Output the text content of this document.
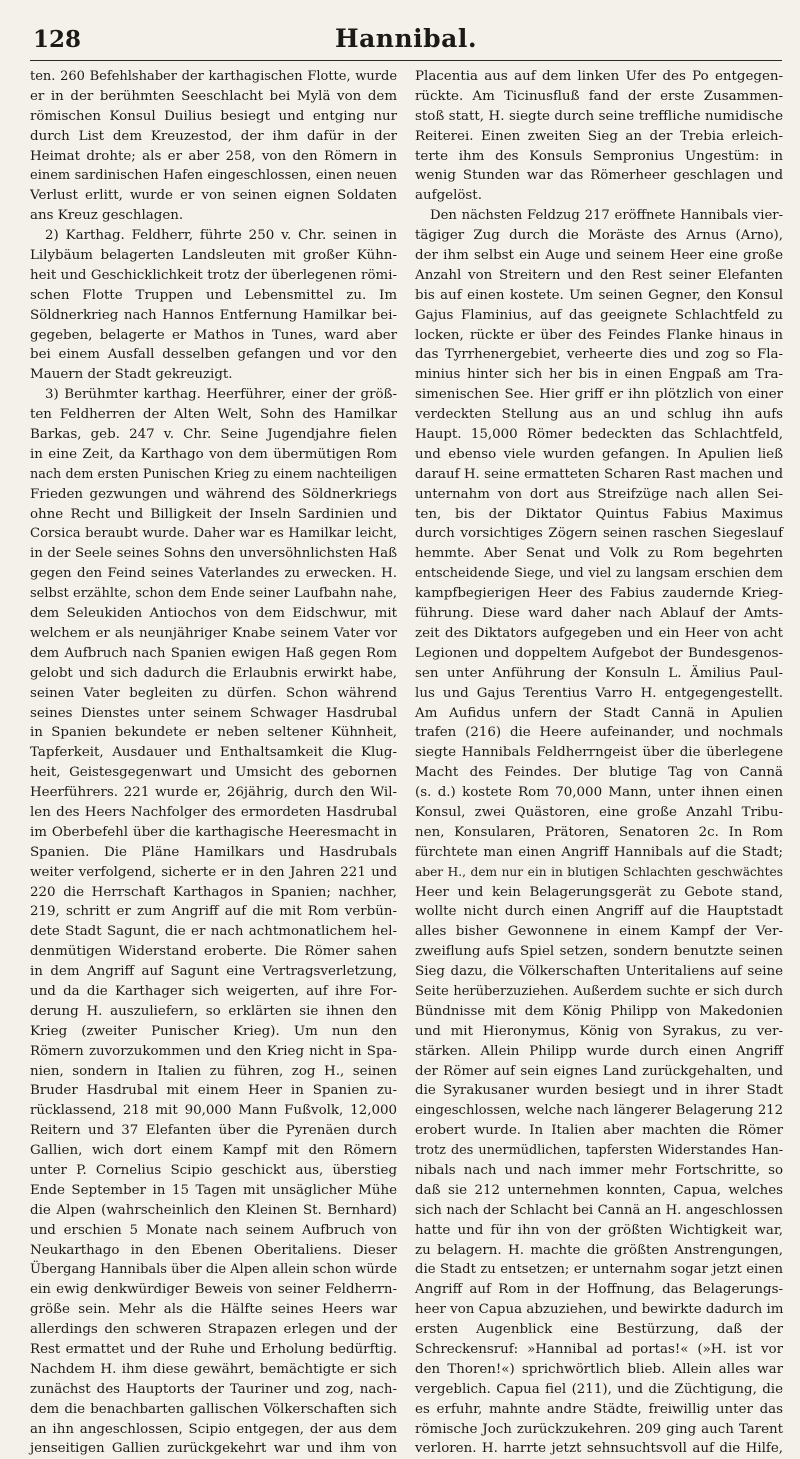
128	Hannibal.
ten. 260 Befehlshaber der karthagischen Flotte, wurde
er in der berühmten Seeschlacht bei Mylä von dem
römischen Konsul Duilius besiegt und entging nur
durch List dem Kreuzestod, der ihm dafür in der
Heimat drohte; als er aber 258, von den Römern in
einem sardinischen Hafen eingeschlossen, einen neuen
Verlust erlitt, wurde er von seinen eignen Soldaten
ans Kreuz geschlagen.
2) Karthag. Feldherr, führte 250 v. Chr. seinen in
Lilybäum belagerten Landsleuten mit großer Kühn-
heit und Geschicklichkeit trotz der überlegenen römi-
schen Flotte Truppen und Lebensmittel zu. Im
Söldnerkrieg nach Hannos Entfernung Hamilkar bei-
gegeben, belagerte er Mathos in Tunes, ward aber
bei einem Ausfall desselben gefangen und vor den
Mauern der Stadt gekreuzigt.
3) Berühmter karthag. Heerführer, einer der größ-
ten Feldherren der Alten Welt, Sohn des Hamilkar
Barkas, geb. 247 v. Chr. Seine Jugendjahre fielen
in eine Zeit, da Karthago von dem übermütigen Rom
nach dem ersten Punischen Krieg zu einem nachteiligen
Frieden gezwungen und während des Söldnerkriegs
ohne Recht und Billigkeit der Inseln Sardinien und
Corsica beraubt wurde. Daher war es Hamilkar leicht,
in der Seele seines Sohns den unversöhnlichsten Haß
gegen den Feind seines Vaterlandes zu erwecken. H.
selbst erzählte, schon dem Ende seiner Laufbahn nahe,
dem Seleukiden Antiochos von dem Eidschwur, mit
welchem er als neunjähriger Knabe seinem Vater vor
dem Aufbruch nach Spanien ewigen Haß gegen Rom
gelobt und sich dadurch die Erlaubnis erwirkt habe,
seinen Vater begleiten zu dürfen. Schon während
seines Dienstes unter seinem Schwager Hasdrubal
in Spanien bekundete er neben seltener Kühnheit,
Tapferkeit, Ausdauer und Enthaltsamkeit die Klug-
heit, Geistesgegenwart und Umsicht des gebornen
Heerführers. 221 wurde er, 26jährig, durch den Wil-
len des Heers Nachfolger des ermordeten Hasdrubal
im Oberbefehl über die karthagische Heeresmacht in
Spanien. Die Pläne Hamilkars und Hasdrubals
weiter verfolgend, sicherte er in den Jahren 221 und
220 die Herrschaft Karthagos in Spanien; nachher,
219, schritt er zum Angriff auf die mit Rom verbün-
dete Stadt Sagunt, die er nach achtmonatlichem hel-
denmütigen Widerstand eroberte. Die Römer sahen
in dem Angriff auf Sagunt eine Vertragsverletzung,
und da die Karthager sich weigerten, auf ihre For-
derung H. auszuliefern, so erklärten sie ihnen den
Krieg (zweiter Punischer Krieg). Um nun den
Römern zuvorzukommen und den Krieg nicht in Spa-
nien, sondern in Italien zu führen, zog H., seinen
Bruder Hasdrubal mit einem Heer in Spanien zu-
rücklassend, 218 mit 90,000 Mann Fußvolk, 12,000
Reitern und 37 Elefanten über die Pyrenäen durch
Gallien, wich dort einem Kampf mit den Römern
unter P. Cornelius Scipio geschickt aus, überstieg
Ende September in 15 Tagen mit unsäglicher Mühe
die Alpen (wahrscheinlich den Kleinen St. Bernhard)
und erschien 5 Monate nach seinem Aufbruch von
Neukarthago in den Ebenen Oberitaliens. Dieser
Übergang Hannibals über die Alpen allein schon würde
ein ewig denkwürdiger Beweis von seiner Feldherrn-
größe sein. Mehr als die Hälfte seines Heers war
allerdings den schweren Strapazen erlegen und der
Rest ermattet und der Ruhe und Erholung bedürftig.
Nachdem H. ihm diese gewährt, bemächtigte er sich
zunächst des Hauptorts der Tauriner und zog, nach-
dem die benachbarten gallischen Völkerschaften sich
an ihn angeschlossen, Scipio entgegen, der aus dem
jenseitigen Gallien zurückgekehrt war und ihm von
Placentia aus auf dem linken Ufer des Po entgegen-
rückte. Am Ticinusfluß fand der erste Zusammen-
stoß statt, H. siegte durch seine treffliche numidische
Reiterei. Einen zweiten Sieg an der Trebia erleich-
terte ihm des Konsuls Sempronius Ungestüm: in
wenig Stunden war das Römerheer geschlagen und
aufgelöst.
Den nächsten Feldzug 217 eröffnete Hannibals vier-
tägiger Zug durch die Moräste des Arnus (Arno),
der ihm selbst ein Auge und seinem Heer eine große
Anzahl von Streitern und den Rest seiner Elefanten
bis auf einen kostete. Um seinen Gegner, den Konsul
Gajus Flaminius, auf das geeignete Schlachtfeld zu
locken, rückte er über des Feindes Flanke hinaus in
das Tyrrhenergebiet, verheerte dies und zog so Fla-
minius hinter sich her bis in einen Engpaß am Tra-
simenischen See. Hier griff er ihn plötzlich von einer
verdeckten Stellung aus an und schlug ihn aufs
Haupt. 15,000 Römer bedeckten das Schlachtfeld,
und ebenso viele wurden gefangen. In Apulien ließ
darauf H. seine ermatteten Scharen Rast machen und
unternahm von dort aus Streifzüge nach allen Sei-
ten, bis der Diktator Quintus Fabius Maximus
durch vorsichtiges Zögern seinen raschen Siegeslauf
hemmte. Aber Senat und Volk zu Rom begehrten
entscheidende Siege, und viel zu langsam erschien dem
kampfbegierigen Heer des Fabius zaudernde Krieg-
führung. Diese ward daher nach Ablauf der Amts-
zeit des Diktators aufgegeben und ein Heer von acht
Legionen und doppeltem Aufgebot der Bundesgenos-
sen unter Anführung der Konsuln L. Ämilius Paul-
lus und Gajus Terentius Varro H. entgegengestellt.
Am Aufidus unfern der Stadt Cannä in Apulien
trafen (216) die Heere aufeinander, und nochmals
siegte Hannibals Feldherrngeist über die überlegene
Macht des Feindes. Der blutige Tag von Cannä
(s. d.) kostete Rom 70,000 Mann, unter ihnen einen
Konsul, zwei Quästoren, eine große Anzahl Tribu-
nen, Konsularen, Prätoren, Senatoren 2c. In Rom
fürchtete man einen Angriff Hannibals auf die Stadt;
aber H., dem nur ein in blutigen Schlachten geschwächtes
Heer und kein Belagerungsgerät zu Gebote stand,
wollte nicht durch einen Angriff auf die Hauptstadt
alles bisher Gewonnene in einem Kampf der Ver-
zweiflung aufs Spiel setzen, sondern benutzte seinen
Sieg dazu, die Völkerschaften Unteritaliens auf seine
Seite herüberzuziehen. Außerdem suchte er sich durch
Bündnisse mit dem König Philipp von Makedonien
und mit Hieronymus, König von Syrakus, zu ver-
stärken. Allein Philipp wurde durch einen Angriff
der Römer auf sein eignes Land zurückgehalten, und
die Syrakusaner wurden besiegt und in ihrer Stadt
eingeschlossen, welche nach längerer Belagerung 212
erobert wurde. In Italien aber machten die Römer
trotz des unermüdlichen, tapfersten Widerstandes Han-
nibals nach und nach immer mehr Fortschritte, so
daß sie 212 unternehmen konnten, Capua, welches
sich nach der Schlacht bei Cannä an H. angeschlossen
hatte und für ihn von der größten Wichtigkeit war,
zu belagern. H. machte die größten Anstrengungen,
die Stadt zu entsetzen; er unternahm sogar jetzt einen
Angriff auf Rom in der Hoffnung, das Belagerungs-
heer von Capua abzuziehen, und bewirkte dadurch im
ersten Augenblick eine Bestürzung, daß der
Schreckensruf: »Hannibal ad portas!« (»H. ist vor
den Thoren!«) sprichwörtlich blieb. Allein alles war
vergeblich. Capua fiel (211), und die Züchtigung, die
es erfuhr, mahnte andre Städte, freiwillig unter das
römische Joch zurückzukehren. 209 ging auch Tarent
verloren. H. harrte jetzt sehnsuchtsvoll auf die Hilfe,
